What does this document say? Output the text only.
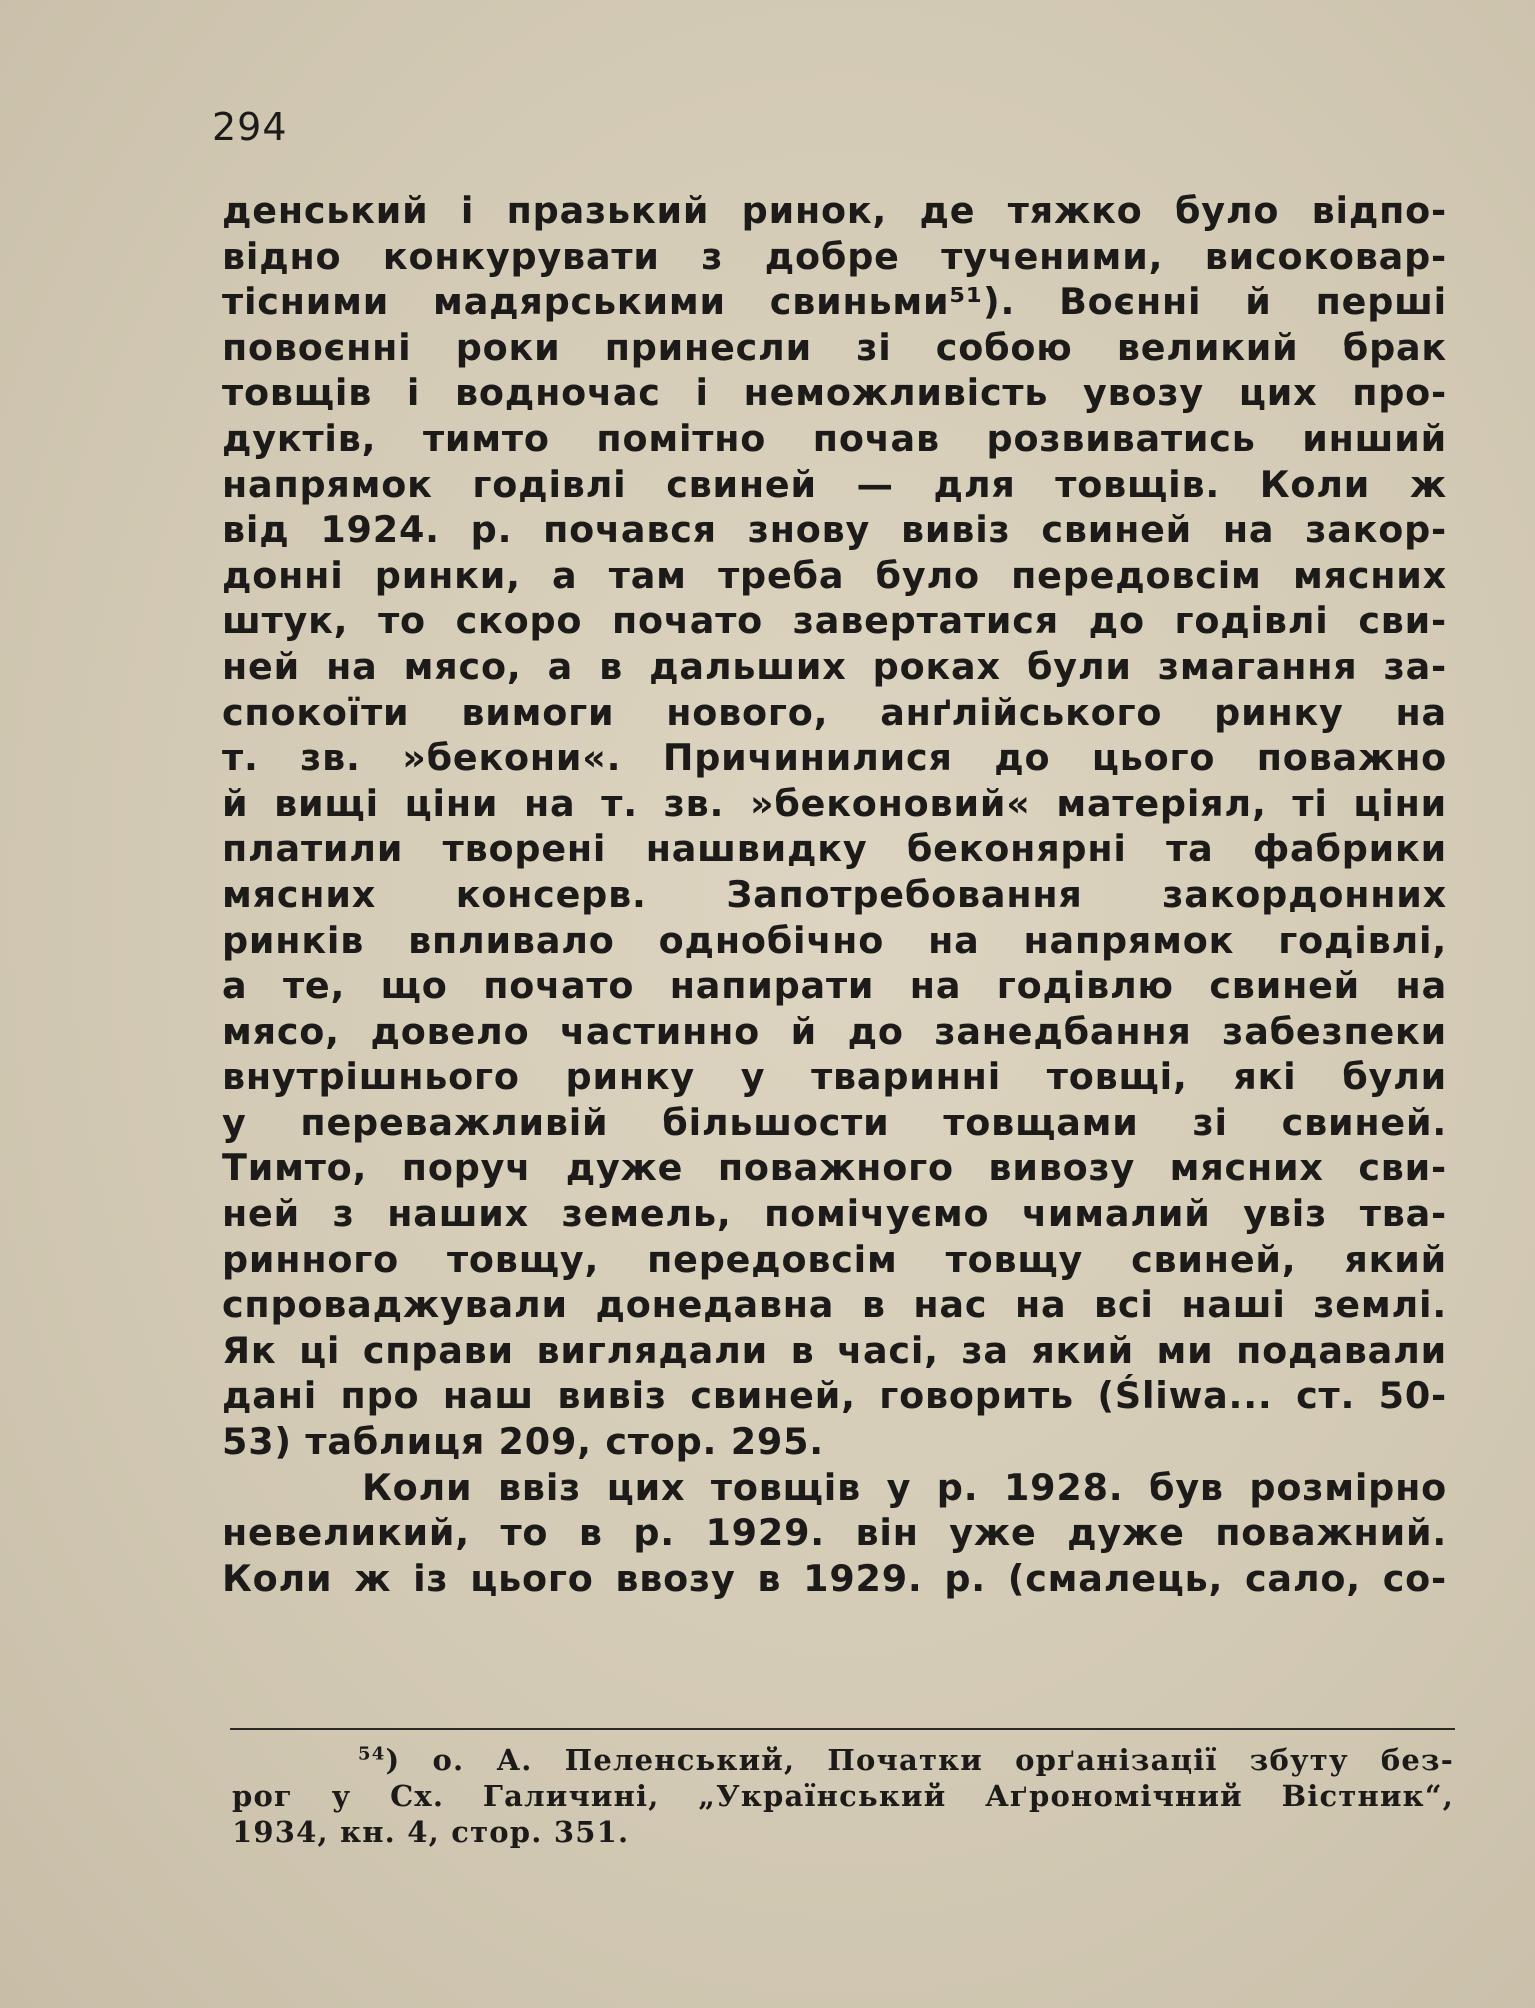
294
денський і празький ринок, де тяжко було відпо-
відно конкурувати з добре тученими, високовар-
тісними мадярськими свиньми⁵¹). Воєнні й перші
повоєнні роки принесли зі собою великий брак
товщів і водночас і неможливість увозу цих про-
дуктів, тимто помітно почав розвиватись инший
напрямок годівлі свиней — для товщів. Коли ж
від 1924. р. почався знову вивіз свиней на закор-
донні ринки, а там треба було передовсім мясних
штук, то скоро почато завертатися до годівлі сви-
ней на мясо, а в дальших роках були змагання за-
спокоїти вимоги нового, анґлійського ринку на
т. зв. »бекони«. Причинилися до цього поважно
й вищі ціни на т. зв. »беконовий« матеріял, ті ціни
платили творені нашвидку беконярні та фабрики
мясних консерв. Запотребовання закордонних
ринків впливало однобічно на напрямок годівлі,
а те, що почато напирати на годівлю свиней на
мясо, довело частинно й до занедбання забезпеки
внутрішнього ринку у тваринні товщі, які були
у переважливій більшости товщами зі свиней.
Тимто, поруч дуже поважного вивозу мясних сви-
ней з наших земель, помічуємо чималий увіз тва-
ринного товщу, передовсім товщу свиней, який
спроваджували донедавна в нас на всі наші землі.
Як ці справи виглядали в часі, за який ми подавали
дані про наш вивіз свиней, говорить (Śliwa... ст. 50-
53) таблиця 209, стор. 295.
Коли ввіз цих товщів у р. 1928. був розмірно
невеликий, то в р. 1929. він уже дуже поважний.
Коли ж із цього ввозу в 1929. р. (смалець, сало, со-
$^{54}$) о. А. Пеленський, Початки орґанізації збуту без-
рог у Сх. Галичині, „Український Аґрономічний Вістник“,
1934, кн. 4, стор. 351.
